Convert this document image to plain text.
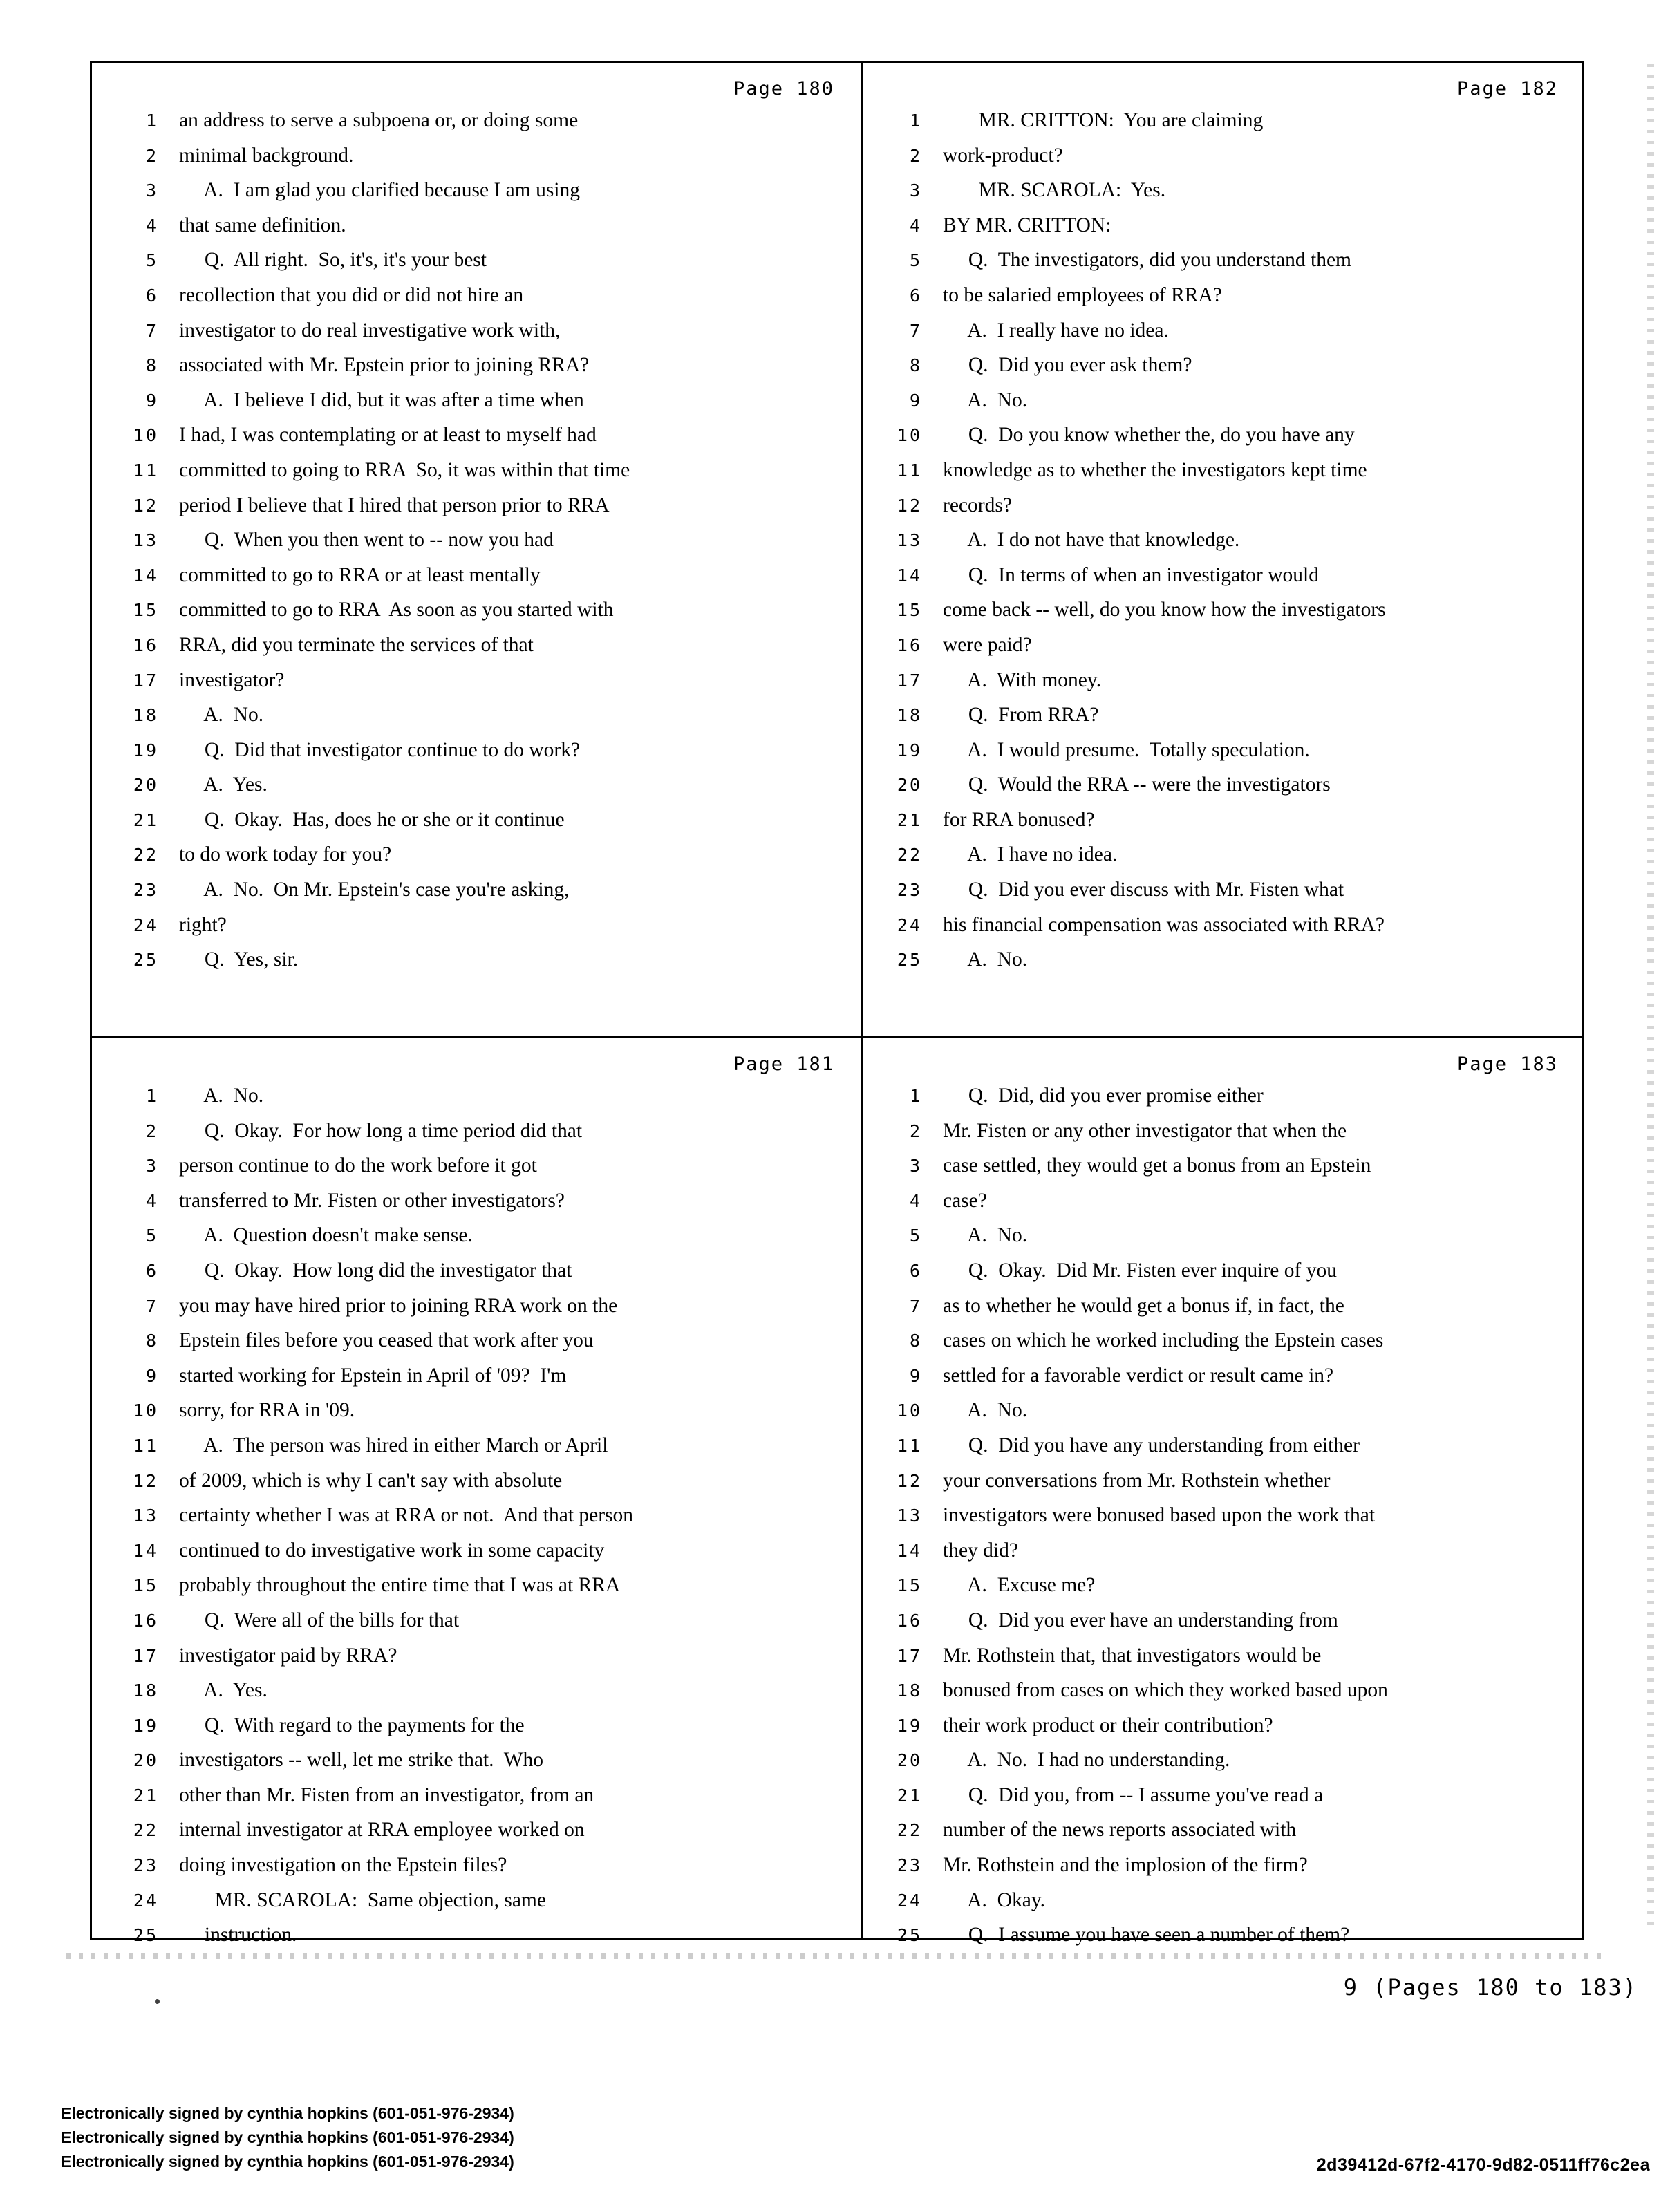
Page 180
1	an address to serve a subpoena or, or doing some
2	minimal background.
3	A.  I am glad you clarified because I am using
4	that same definition.
5	Q.  All right.  So, it's, it's your best
6	recollection that you did or did not hire an
7	investigator to do real investigative work with,
8	associated with Mr. Epstein prior to joining RRA?
9	A.  I believe I did, but it was after a time when
10	I had, I was contemplating or at least to myself had
11	committed to going to RRA  So, it was within that time
12	period I believe that I hired that person prior to RRA
13	Q.  When you then went to -- now you had
14	committed to go to RRA or at least mentally
15	committed to go to RRA  As soon as you started with
16	RRA, did you terminate the services of that
17	investigator?
18	A.  No.
19	Q.  Did that investigator continue to do work?
20	A.  Yes.
21	Q.  Okay.  Has, does he or she or it continue
22	to do work today for you?
23	A.  No.  On Mr. Epstein's case you're asking,
24	right?
25	Q.  Yes, sir.
Page 182
1	MR. CRITTON:  You are claiming
2	work-product?
3	MR. SCAROLA:  Yes.
4	BY MR. CRITTON:
5	Q.  The investigators, did you understand them
6	to be salaried employees of RRA?
7	A.  I really have no idea.
8	Q.  Did you ever ask them?
9	A.  No.
10	Q.  Do you know whether the, do you have any
11	knowledge as to whether the investigators kept time
12	records?
13	A.  I do not have that knowledge.
14	Q.  In terms of when an investigator would
15	come back -- well, do you know how the investigators
16	were paid?
17	A.  With money.
18	Q.  From RRA?
19	A.  I would presume.  Totally speculation.
20	Q.  Would the RRA -- were the investigators
21	for RRA bonused?
22	A.  I have no idea.
23	Q.  Did you ever discuss with Mr. Fisten what
24	his financial compensation was associated with RRA?
25	A.  No.
Page 181
1	A.  No.
2	Q.  Okay.  For how long a time period did that
3	person continue to do the work before it got
4	transferred to Mr. Fisten or other investigators?
5	A.  Question doesn't make sense.
6	Q.  Okay.  How long did the investigator that
7	you may have hired prior to joining RRA work on the
8	Epstein files before you ceased that work after you
9	started working for Epstein in April of '09?  I'm
10	sorry, for RRA in '09.
11	A.  The person was hired in either March or April
12	of 2009, which is why I can't say with absolute
13	certainty whether I was at RRA or not.  And that person
14	continued to do investigative work in some capacity
15	probably throughout the entire time that I was at RRA
16	Q.  Were all of the bills for that
17	investigator paid by RRA?
18	A.  Yes.
19	Q.  With regard to the payments for the
20	investigators -- well, let me strike that.  Who
21	other than Mr. Fisten from an investigator, from an
22	internal investigator at RRA employee worked on
23	doing investigation on the Epstein files?
24	MR. SCAROLA:  Same objection, same
25	instruction.
Page 183
1	Q.  Did, did you ever promise either
2	Mr. Fisten or any other investigator that when the
3	case settled, they would get a bonus from an Epstein
4	case?
5	A.  No.
6	Q.  Okay.  Did Mr. Fisten ever inquire of you
7	as to whether he would get a bonus if, in fact, the
8	cases on which he worked including the Epstein cases
9	settled for a favorable verdict or result came in?
10	A.  No.
11	Q.  Did you have any understanding from either
12	your conversations from Mr. Rothstein whether
13	investigators were bonused based upon the work that
14	they did?
15	A.  Excuse me?
16	Q.  Did you ever have an understanding from
17	Mr. Rothstein that, that investigators would be
18	bonused from cases on which they worked based upon
19	their work product or their contribution?
20	A.  No.  I had no understanding.
21	Q.  Did you, from -- I assume you've read a
22	number of the news reports associated with
23	Mr. Rothstein and the implosion of the firm?
24	A.  Okay.
25	Q.  I assume you have seen a number of them?
9 (Pages 180 to 183)
Electronically signed by cynthia hopkins (601-051-976-2934)
Electronically signed by cynthia hopkins (601-051-976-2934)
Electronically signed by cynthia hopkins (601-051-976-2934)	2d39412d-67f2-4170-9d82-0511ff76c2ea
